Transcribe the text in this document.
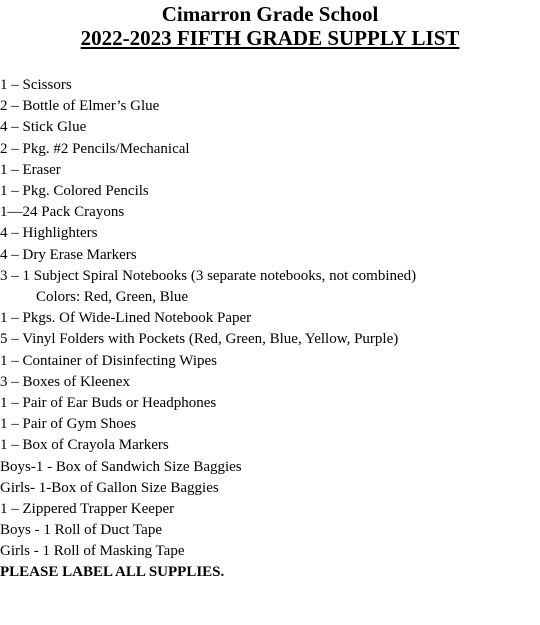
Cimarron Grade School
2022-2023 FIFTH GRADE SUPPLY LIST
1 – Scissors
2 – Bottle of Elmer’s Glue
4 – Stick Glue
2 – Pkg. #2 Pencils/Mechanical
1 – Eraser
1 – Pkg. Colored Pencils
1—24 Pack Crayons
4 – Highlighters
4 – Dry Erase Markers
3 – 1 Subject Spiral Notebooks (3 separate notebooks, not combined)
Colors: Red, Green, Blue
1 – Pkgs. Of Wide-Lined Notebook Paper
5 – Vinyl Folders with Pockets (Red, Green, Blue, Yellow, Purple)
1 – Container of Disinfecting Wipes
3 – Boxes of Kleenex
1 – Pair of Ear Buds or Headphones
1 – Pair of Gym Shoes
1 – Box of Crayola Markers
Boys-1 - Box of Sandwich Size Baggies
Girls- 1-Box of Gallon Size Baggies
1 – Zippered Trapper Keeper
Boys - 1 Roll of Duct Tape
Girls - 1 Roll of Masking Tape
PLEASE LABEL ALL SUPPLIES.
